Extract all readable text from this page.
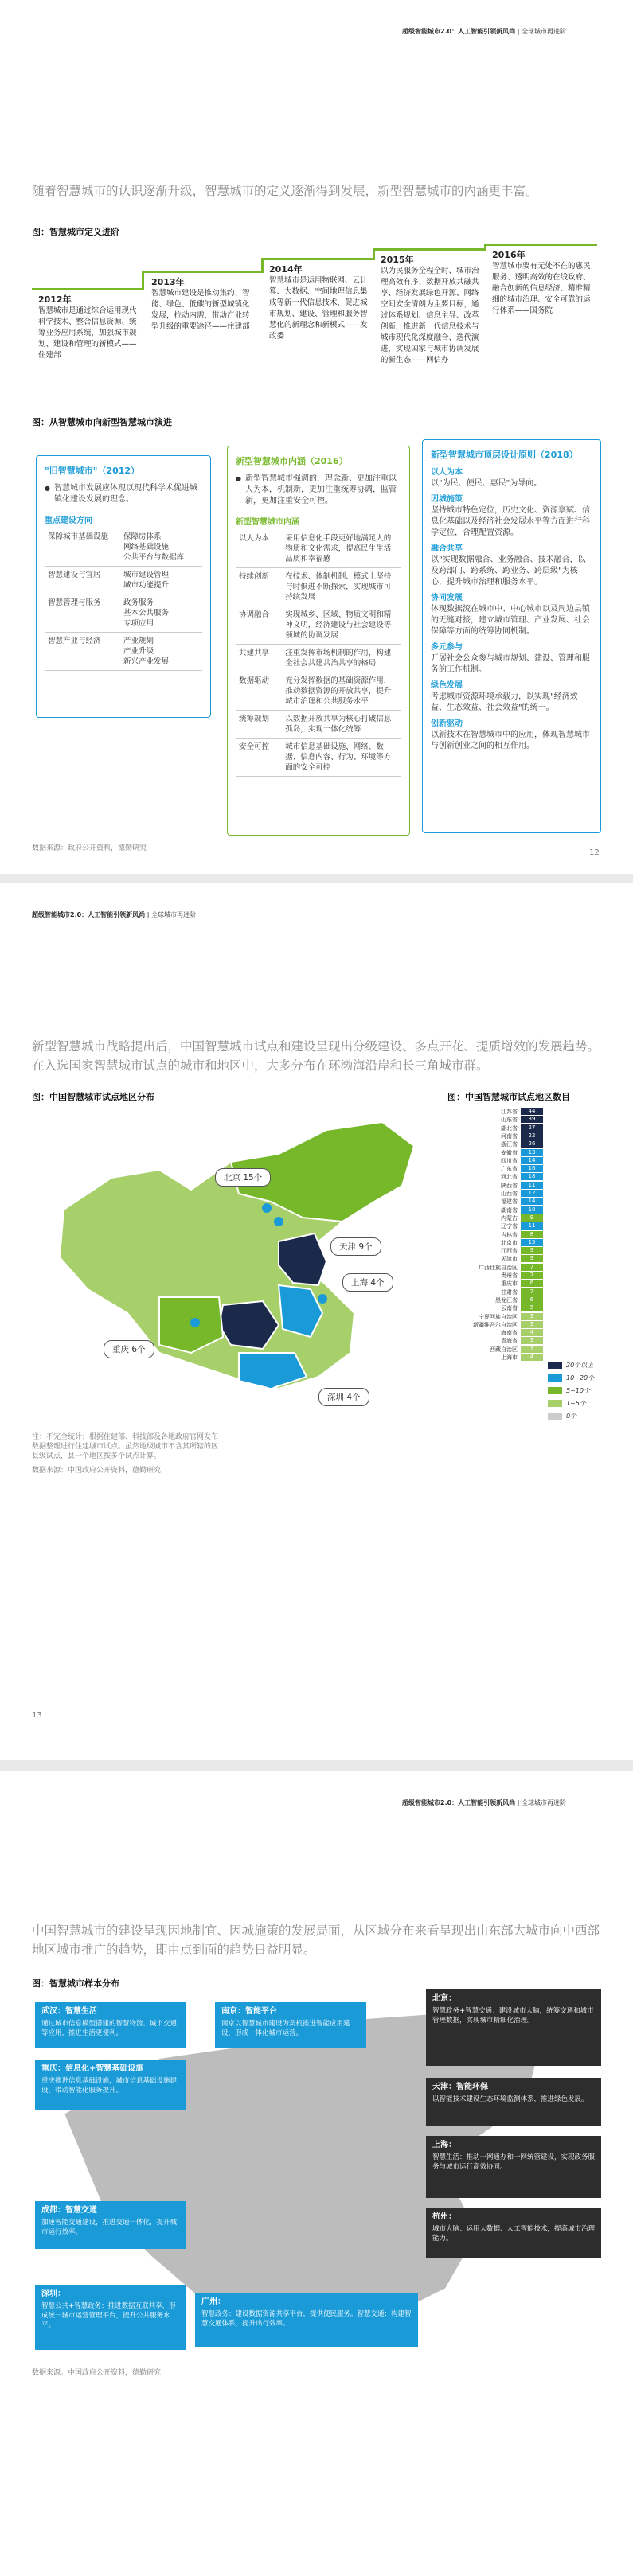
超级智能城市2.0：人工智能引领新风尚 | 全球城市再进阶
随着智慧城市的认识逐渐升级，智慧城市的定义逐渐得到发展，新型智慧城市的内涵更丰富。
图：智慧城市定义进阶
2012年
智慧城市是通过综合运用现代科学技术、整合信息资源、统筹业务应用系统，加强城市规划、建设和管理的新模式——住建部
2013年
智慧城市建设是推动集约、智能、绿色、低碳的新型城镇化发展，拉动内需，带动产业转型升级的重要途径——住建部
2014年
智慧城市是运用物联网、云计算、大数据、空间地理信息集成等新一代信息技术，促进城市规划、建设、管理和服务智慧化的新理念和新模式——发改委
2015年
以为民服务全程全时、城市治理高效有序、数据开放共融共享、经济发展绿色开源、网络空间安全清朗为主要目标，通过体系规划、信息主导、改革创新，推进新一代信息技术与城市现代化深度融合、迭代演进，实现国家与城市协调发展的新生态——网信办
2016年
智慧城市要有无处不在的惠民服务、透明高效的在线政府、融合创新的信息经济、精准精细的城市治理、安全可靠的运行体系——国务院
图：从智慧城市向新型智慧城市演进
"旧智慧城市"（2012）
● 智慧城市发展应体现以现代科学术促进城镇化建设发展的理念。
重点建设方向
保障城市基础设施	保障房体系
网络基础设施
公共平台与数据库

智慧建设与宜居	城市建设管理
城市功能提升

智慧管理与服务	政务服务
基本公共服务
专项应用

智慧产业与经济	产业规划
产业升级
新兴产业发展
新型智慧城市内涵（2016）
● 新型智慧城市强调的，理念新、更加注重以人为本，机制新，更加注重统筹协调，监管新，更加注重安全可控。
新型智慧城市内涵
以人为本	采用信息化手段更好地满足人的物质和文化需求，提高民生生活品质和幸福感
持续创新	在技术、体制机制、模式上坚持与时俱进不断探索，实现城市可持续发展
协调融合	实现城乡、区域、物质文明和精神文明，经济建设与社会建设等领域的协调发展
共建共享	注重发挥市场机制的作用，构建全社会共建共治共享的格局
数据驱动	充分发挥数据的基础资源作用，推动数据资源的开放共享，提升城市治理和公共服务水平
统筹规划	以数据开放共享为核心打破信息孤岛，实现一体化统筹
安全可控	城市信息基础设施、网络、数据、信息内容、行为、环境等方面的安全可控
新型智慧城市顶层设计原则（2018）
以人为本
以"为民、便民、惠民"为导向。
因城施策
坚持城市特色定位，历史文化、资源禀赋、信息化基础以及经济社会发展水平等方面进行科学定位，合理配置资源。
融合共享
以"实现数据融合、业务融合、技术融合，以及跨部门、跨系统、跨业务、跨层级"为核心，提升城市治理和服务水平。
协同发展
体现数据流在城市中、中心城市以及周边县镇的无缝对接，建立城市管理、产业发展、社会保障等方面的统筹协同机制。
多元参与
开展社会公众参与城市规划、建设、管理和服务的工作机制。
绿色发展
考虑城市资源环境承载力，以实现"经济效益、生态效益、社会效益"的统一。
创新驱动
以新技术在智慧城市中的应用，体现智慧城市与创新创业之间的相互作用。
数据来源：政府公开资料，德勤研究	12
超级智能城市2.0：人工智能引领新风尚 | 全球城市再进阶
新型智慧城市战略提出后，中国智慧城市试点和建设呈现出分级建设、多点开花、提质增效的发展趋势。在入选国家智慧城市试点的城市和地区中，大多分布在环渤海沿岸和长三角城市群。
图：中国智慧城市试点地区分布	图：中国智慧城市试点地区数目
北京 15个
天津 9个
上海 4个
重庆 6个
深圳 4个
注：不完全统计；根据住建部、科技部及各地政府官网发布数据整理进行住建城市试点。虽然地级城市不含其所辖的区县级试点，县一个地区按多个试点计算。
数据来源：中国政府公开资料，德勤研究
江苏省	44
山东省	39
湖北省	27
河南省	22
浙江省	26
安徽省	13
四川省	14
广东省	16
河北省	18
陕西省	11
山西省	12
福建省	14
湖南省	10
内蒙古	9
辽宁省	11
吉林省	8
北京市	15
江西省	9
天津市	9
广西壮族自治区	7
贵州省	7
重庆市	6
甘肃省	7
黑龙江省	6
云南省	5
宁夏回族自治区	3
新疆维吾尔自治区	3
海南省	4
青海省	3
西藏自治区	1
上海市	4
20个以上
10~20个
5~10个
1~5个
0个
13
超级智能城市2.0：人工智能引领新风尚 | 全球城市再进阶
中国智慧城市的建设呈现因地制宜、因城施策的发展局面，从区域分布来看呈现出由东部大城市向中西部地区城市推广的趋势，即由点到面的趋势日益明显。
图：智慧城市样本分布
武汉：智慧生活
通过城市信息模型搭建的智慧物流、城市交通等应用，推进生活更便利。
南京：智能平台
南京以智慧城市建设为契机推进智能应用建设，形成一体化城市运营。
重庆：信息化+智慧基础设施
重庆推进信息基础设施，城市信息基础设施建设，带动智能化服务提升。
成都：智慧交通
加速智能交通建设，推进交通一体化，提升城市运行效率。
深圳：
智慧公共+智慧政务：推进数据互联共享，形成统一城市运营管理平台，提升公共服务水平。
广州：
智慧政务：建设数据资源共享平台，提供便民服务。智慧交通：构建智慧交通体系，提升出行效率。
北京：
智慧政务+智慧交通：建设城市大脑，统筹交通和城市管理数据，实现城市精细化治理。
天津：智能环保
以智能技术建设生态环境监测体系，推进绿色发展。
上海：
智慧生活：推动一网通办和一网统管建设，实现政务服务与城市运行高效协同。
杭州：
城市大脑：运用大数据、人工智能技术，提高城市治理能力。
数据来源：中国政府公开资料，德勤研究
